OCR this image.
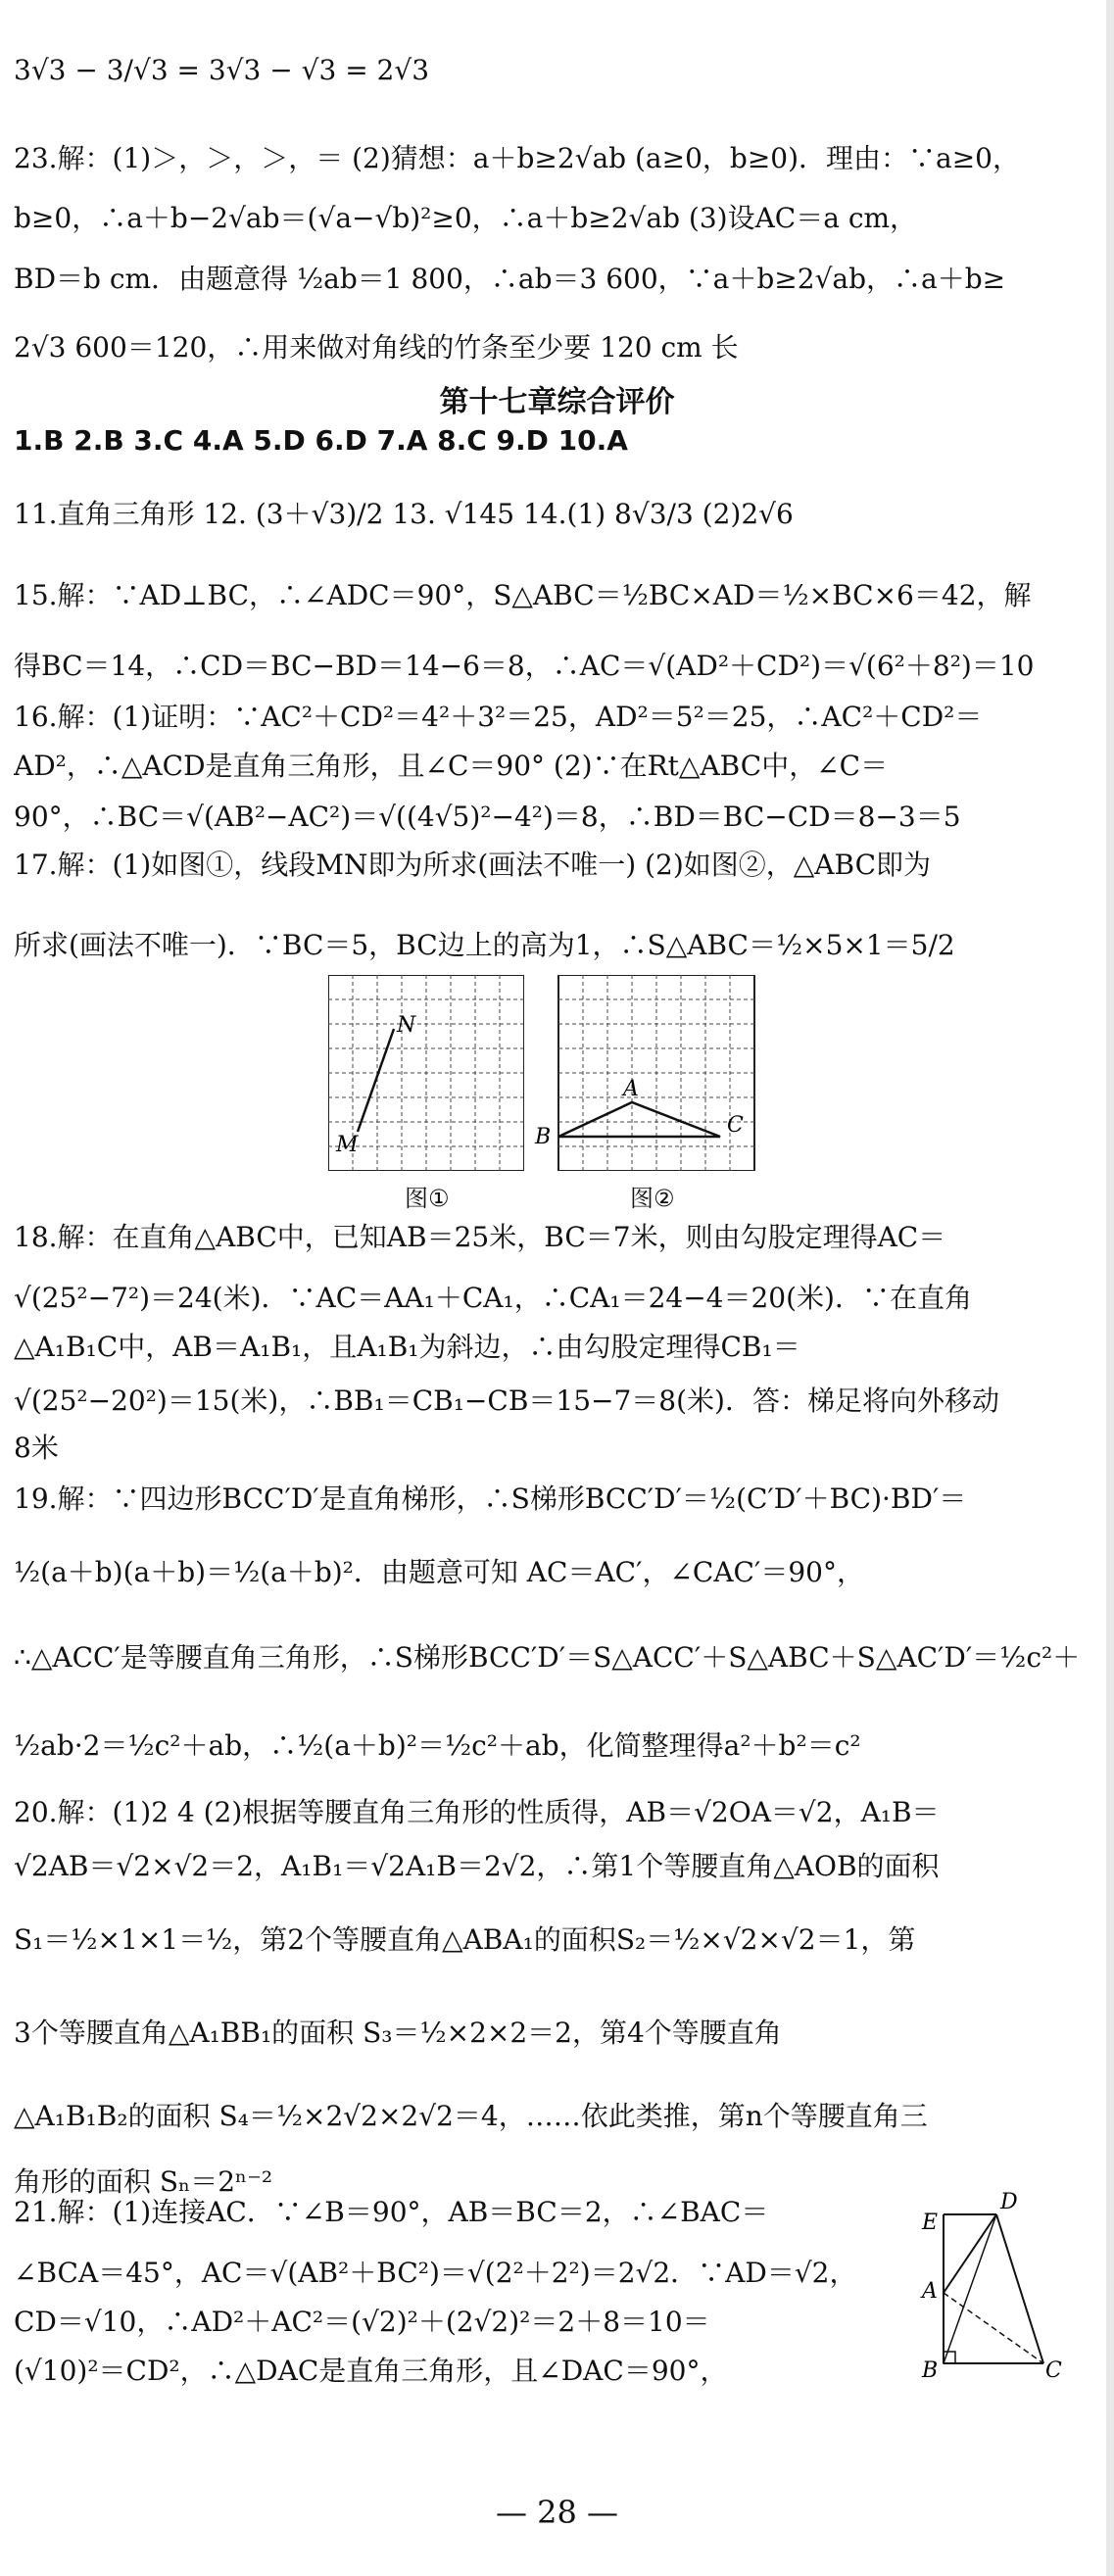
3√3 − 3/√3 = 3√3 − √3 = 2√3
23.解：(1)＞，＞，＞，＝ (2)猜想：a＋b≥2√ab (a≥0，b≥0)．理由：∵a≥0，
b≥0，∴a＋b−2√ab＝(√a−√b)²≥0，∴a＋b≥2√ab (3)设AC＝a cm，
BD＝b cm．由题意得 ½ab＝1 800，∴ab＝3 600，∵a＋b≥2√ab，∴a＋b≥
2√3 600＝120，∴用来做对角线的竹条至少要 120 cm 长
第十七章综合评价
1.B 2.B 3.C 4.A 5.D 6.D 7.A 8.C 9.D 10.A
11.直角三角形 12. (3＋√3)/2 13. √145 14.(1) 8√3/3 (2)2√6
15.解：∵AD⊥BC，∴∠ADC＝90°，S△ABC＝½BC×AD＝½×BC×6＝42，解
得BC＝14，∴CD＝BC−BD＝14−6＝8，∴AC＝√(AD²＋CD²)＝√(6²＋8²)＝10
16.解：(1)证明：∵AC²＋CD²＝4²＋3²＝25，AD²＝5²＝25，∴AC²＋CD²＝
AD²，∴△ACD是直角三角形，且∠C＝90° (2)∵在Rt△ABC中，∠C＝
90°，∴BC＝√(AB²−AC²)＝√((4√5)²−4²)＝8，∴BD＝BC−CD＝8−3＝5
17.解：(1)如图①，线段MN即为所求(画法不唯一) (2)如图②，△ABC即为
所求(画法不唯一)．∵BC＝5，BC边上的高为1，∴S△ABC＝½×5×1＝5/2
N
M
图①
A
C
B
图②
18.解：在直角△ABC中，已知AB＝25米，BC＝7米，则由勾股定理得AC＝
√(25²−7²)＝24(米)．∵AC＝AA₁＋CA₁，∴CA₁＝24−4＝20(米)．∵在直角
△A₁B₁C中，AB＝A₁B₁，且A₁B₁为斜边，∴由勾股定理得CB₁＝
√(25²−20²)＝15(米)，∴BB₁＝CB₁−CB＝15−7＝8(米)．答：梯足将向外移动
8米
19.解：∵四边形BCC′D′是直角梯形，∴S梯形BCC′D′＝½(C′D′＋BC)·BD′＝
½(a＋b)(a＋b)＝½(a＋b)²．由题意可知 AC＝AC′，∠CAC′＝90°，
∴△ACC′是等腰直角三角形，∴S梯形BCC′D′＝S△ACC′＋S△ABC＋S△AC′D′＝½c²＋
½ab·2＝½c²＋ab，∴½(a＋b)²＝½c²＋ab，化简整理得a²＋b²＝c²
20.解：(1)2 4 (2)根据等腰直角三角形的性质得，AB＝√2OA＝√2，A₁B＝
√2AB＝√2×√2＝2，A₁B₁＝√2A₁B＝2√2，∴第1个等腰直角△AOB的面积
S₁＝½×1×1＝½，第2个等腰直角△ABA₁的面积S₂＝½×√2×√2＝1，第
3个等腰直角△A₁BB₁的面积 S₃＝½×2×2＝2，第4个等腰直角
△A₁B₁B₂的面积 S₄＝½×2√2×2√2＝4，……依此类推，第n个等腰直角三
角形的面积 Sₙ＝2ⁿ⁻²
21.解：(1)连接AC．∵∠B＝90°，AB＝BC＝2，∴∠BAC＝
∠BCA＝45°，AC＝√(AB²＋BC²)＝√(2²＋2²)＝2√2．∵AD＝√2，
CD＝√10，∴AD²＋AC²＝(√2)²＋(2√2)²＝2＋8＝10＝
(√10)²＝CD²，∴△DAC是直角三角形，且∠DAC＝90°，
D
E
A
B	C
— 28 —
